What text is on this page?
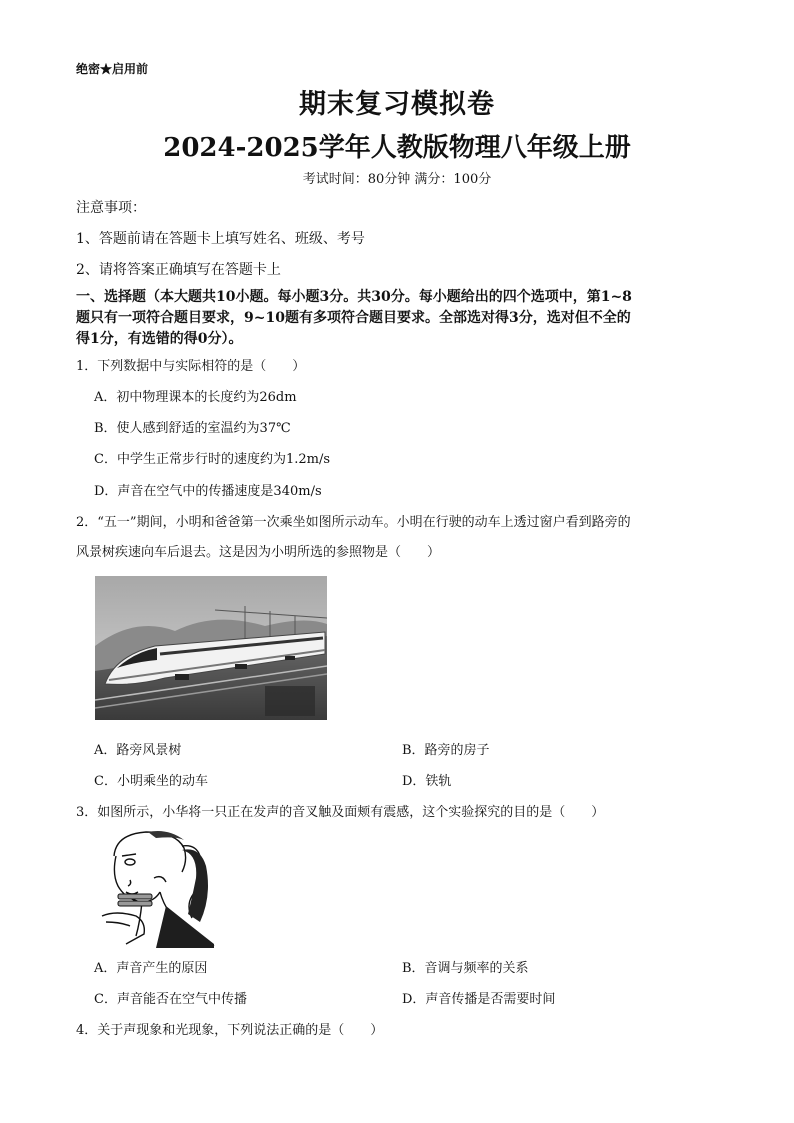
绝密★启用前
期末复习模拟卷
2024-2025学年人教版物理八年级上册
考试时间：80分钟 满分：100分
注意事项：
1、答题前请在答题卡上填写姓名、班级、考号
2、请将答案正确填写在答题卡上
一、选择题（本大题共10小题。每小题3分。共30分。每小题给出的四个选项中，第1~8
题只有一项符合题目要求，9~10题有多项符合题目要求。全部选对得3分，选对但不全的
得1分，有选错的得0分）。
1．下列数据中与实际相符的是（　　）
A．初中物理课本的长度约为26dm
B．使人感到舒适的室温约为37℃
C．中学生正常步行时的速度约为1.2m/s
D．声音在空气中的传播速度是340m/s
2．“五一”期间，小明和爸爸第一次乘坐如图所示动车。小明在行驶的动车上透过窗户看到路旁的
风景树疾速向车后退去。这是因为小明所选的参照物是（　　）
A．路旁风景树	B．路旁的房子
C．小明乘坐的动车	D．铁轨
3．如图所示，小华将一只正在发声的音叉触及面颊有震感，这个实验探究的目的是（　　）
A．声音产生的原因	B．音调与频率的关系
C．声音能否在空气中传播	D．声音传播是否需要时间
4．关于声现象和光现象，下列说法正确的是（　　）
